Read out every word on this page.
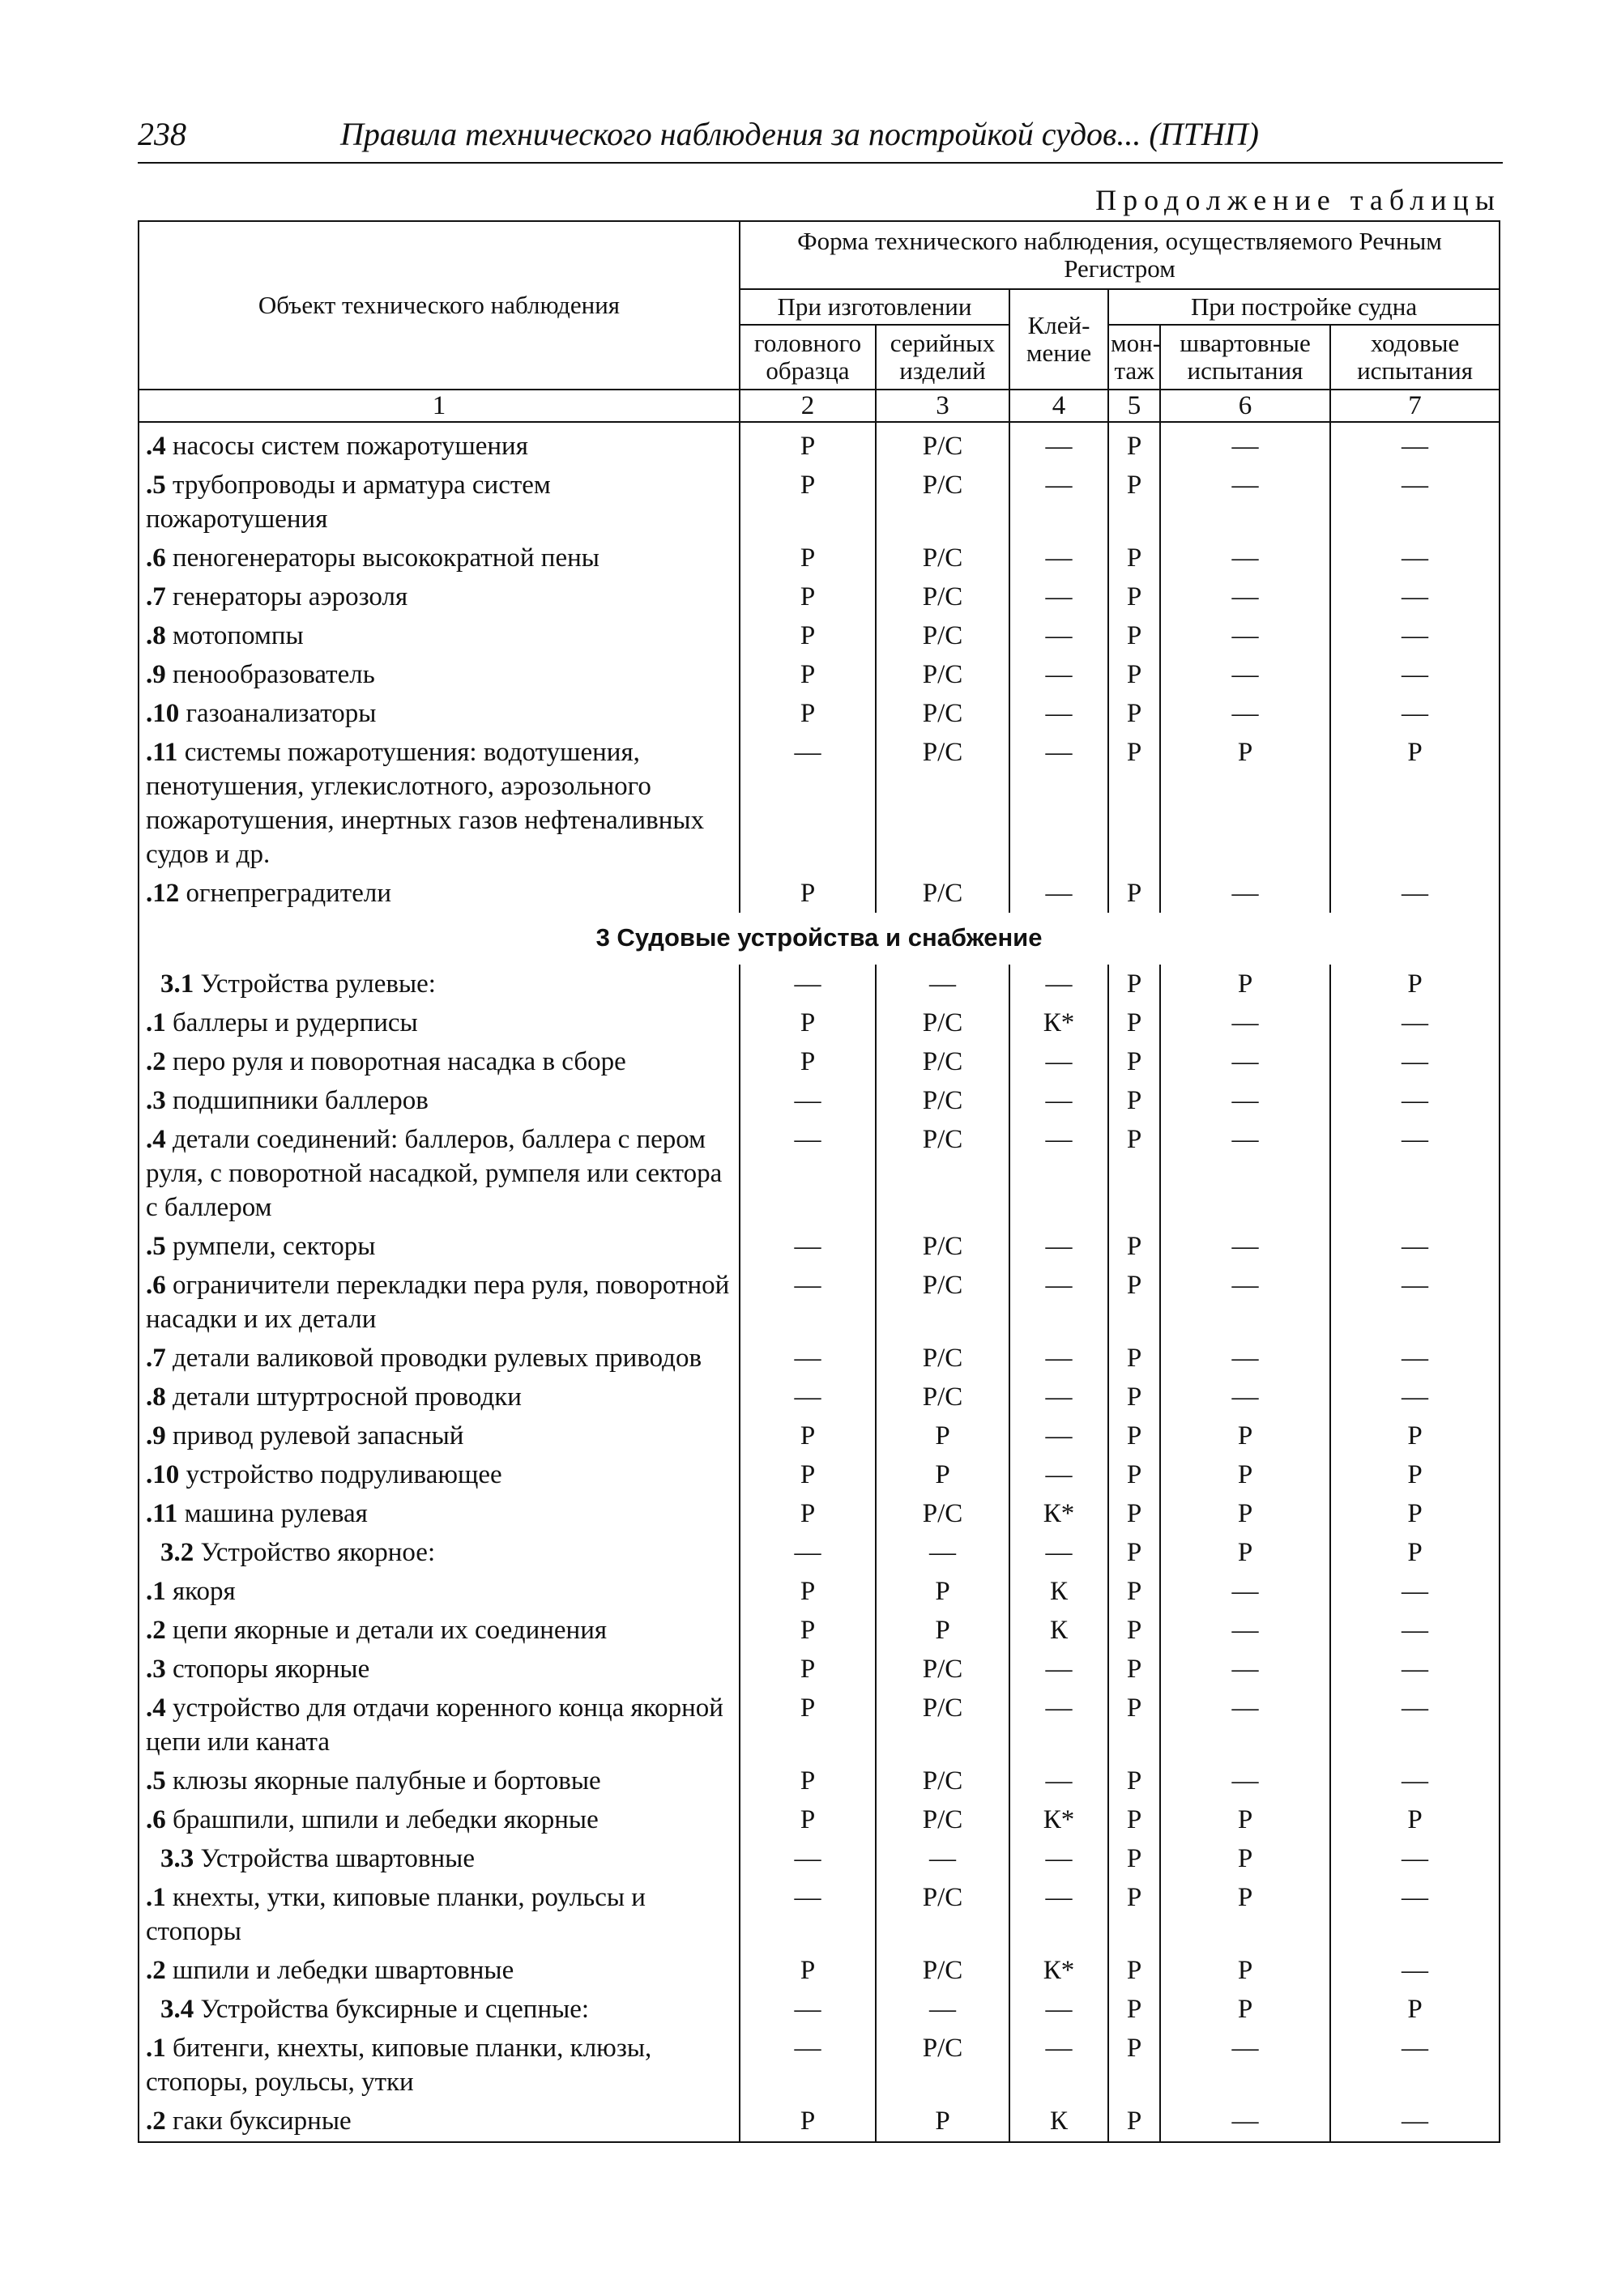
238	Правила технического наблюдения за постройкой судов... (ПТНП)
Продолжение таблицы
Объект технического наблюдения	Форма технического наблюдения, осуществляемого Речным Регистром					
	При изготовлении		Клей-мение	При постройке судна		
	головного образца	серийных изделий		мон-таж	швартовные испытания	ходовые испытания
1	2	3	4	5	6	7
.4 насосы систем пожаротушения	Р	Р/С	—	Р	—	—
.5 трубопроводы и арматура систем пожаротушения	Р	Р/С	—	Р	—	—
.6 пеногенераторы высокократной пены	Р	Р/С	—	Р	—	—
.7 генераторы аэрозоля	Р	Р/С	—	Р	—	—
.8 мотопомпы	Р	Р/С	—	Р	—	—
.9 пенообразователь	Р	Р/С	—	Р	—	—
.10 газоанализаторы	Р	Р/С	—	Р	—	—
.11 системы пожаротушения: водотушения, пенотушения, углекислотного, аэрозольного пожаротушения, инертных газов нефтеналивных судов и др.	—	Р/С	—	Р	Р	Р
.12 огнепреградители	Р	Р/С	—	Р	—	—
3 Судовые устройства и снабжение						
3.1 Устройства рулевые:	—	—	—	Р	Р	Р
.1 баллеры и рудерписы	Р	Р/С	К*	Р	—	—
.2 перо руля и поворотная насадка в сборе	Р	Р/С	—	Р	—	—
.3 подшипники баллеров	—	Р/С	—	Р	—	—
.4 детали соединений: баллеров, баллера с пером руля, с поворотной насадкой, румпеля или сектора с баллером	—	Р/С	—	Р	—	—
.5 румпели, секторы	—	Р/С	—	Р	—	—
.6 ограничители перекладки пера руля, поворотной насадки и их детали	—	Р/С	—	Р	—	—
.7 детали валиковой проводки рулевых приводов	—	Р/С	—	Р	—	—
.8 детали штуртросной проводки	—	Р/С	—	Р	—	—
.9 привод рулевой запасный	Р	Р	—	Р	Р	Р
.10 устройство подруливающее	Р	Р	—	Р	Р	Р
.11 машина рулевая	Р	Р/С	К*	Р	Р	Р
3.2 Устройство якорное:	—	—	—	Р	Р	Р
.1 якоря	Р	Р	К	Р	—	—
.2 цепи якорные и детали их соединения	Р	Р	К	Р	—	—
.3 стопоры якорные	Р	Р/С	—	Р	—	—
.4 устройство для отдачи коренного конца якорной цепи или каната	Р	Р/С	—	Р	—	—
.5 клюзы якорные палубные и бортовые	Р	Р/С	—	Р	—	—
.6 брашпили, шпили и лебедки якорные	Р	Р/С	К*	Р	Р	Р
3.3 Устройства швартовные	—	—	—	Р	Р	—
.1 кнехты, утки, киповые планки, роульсы и стопоры	—	Р/С	—	Р	Р	—
.2 шпили и лебедки швартовные	Р	Р/С	К*	Р	Р	—
3.4 Устройства буксирные и сцепные:	—	—	—	Р	Р	Р
.1 битенги, кнехты, киповые планки, клюзы, стопоры, роульсы, утки	—	Р/С	—	Р	—	—
.2 гаки буксирные	Р	Р	К	Р	—	—
